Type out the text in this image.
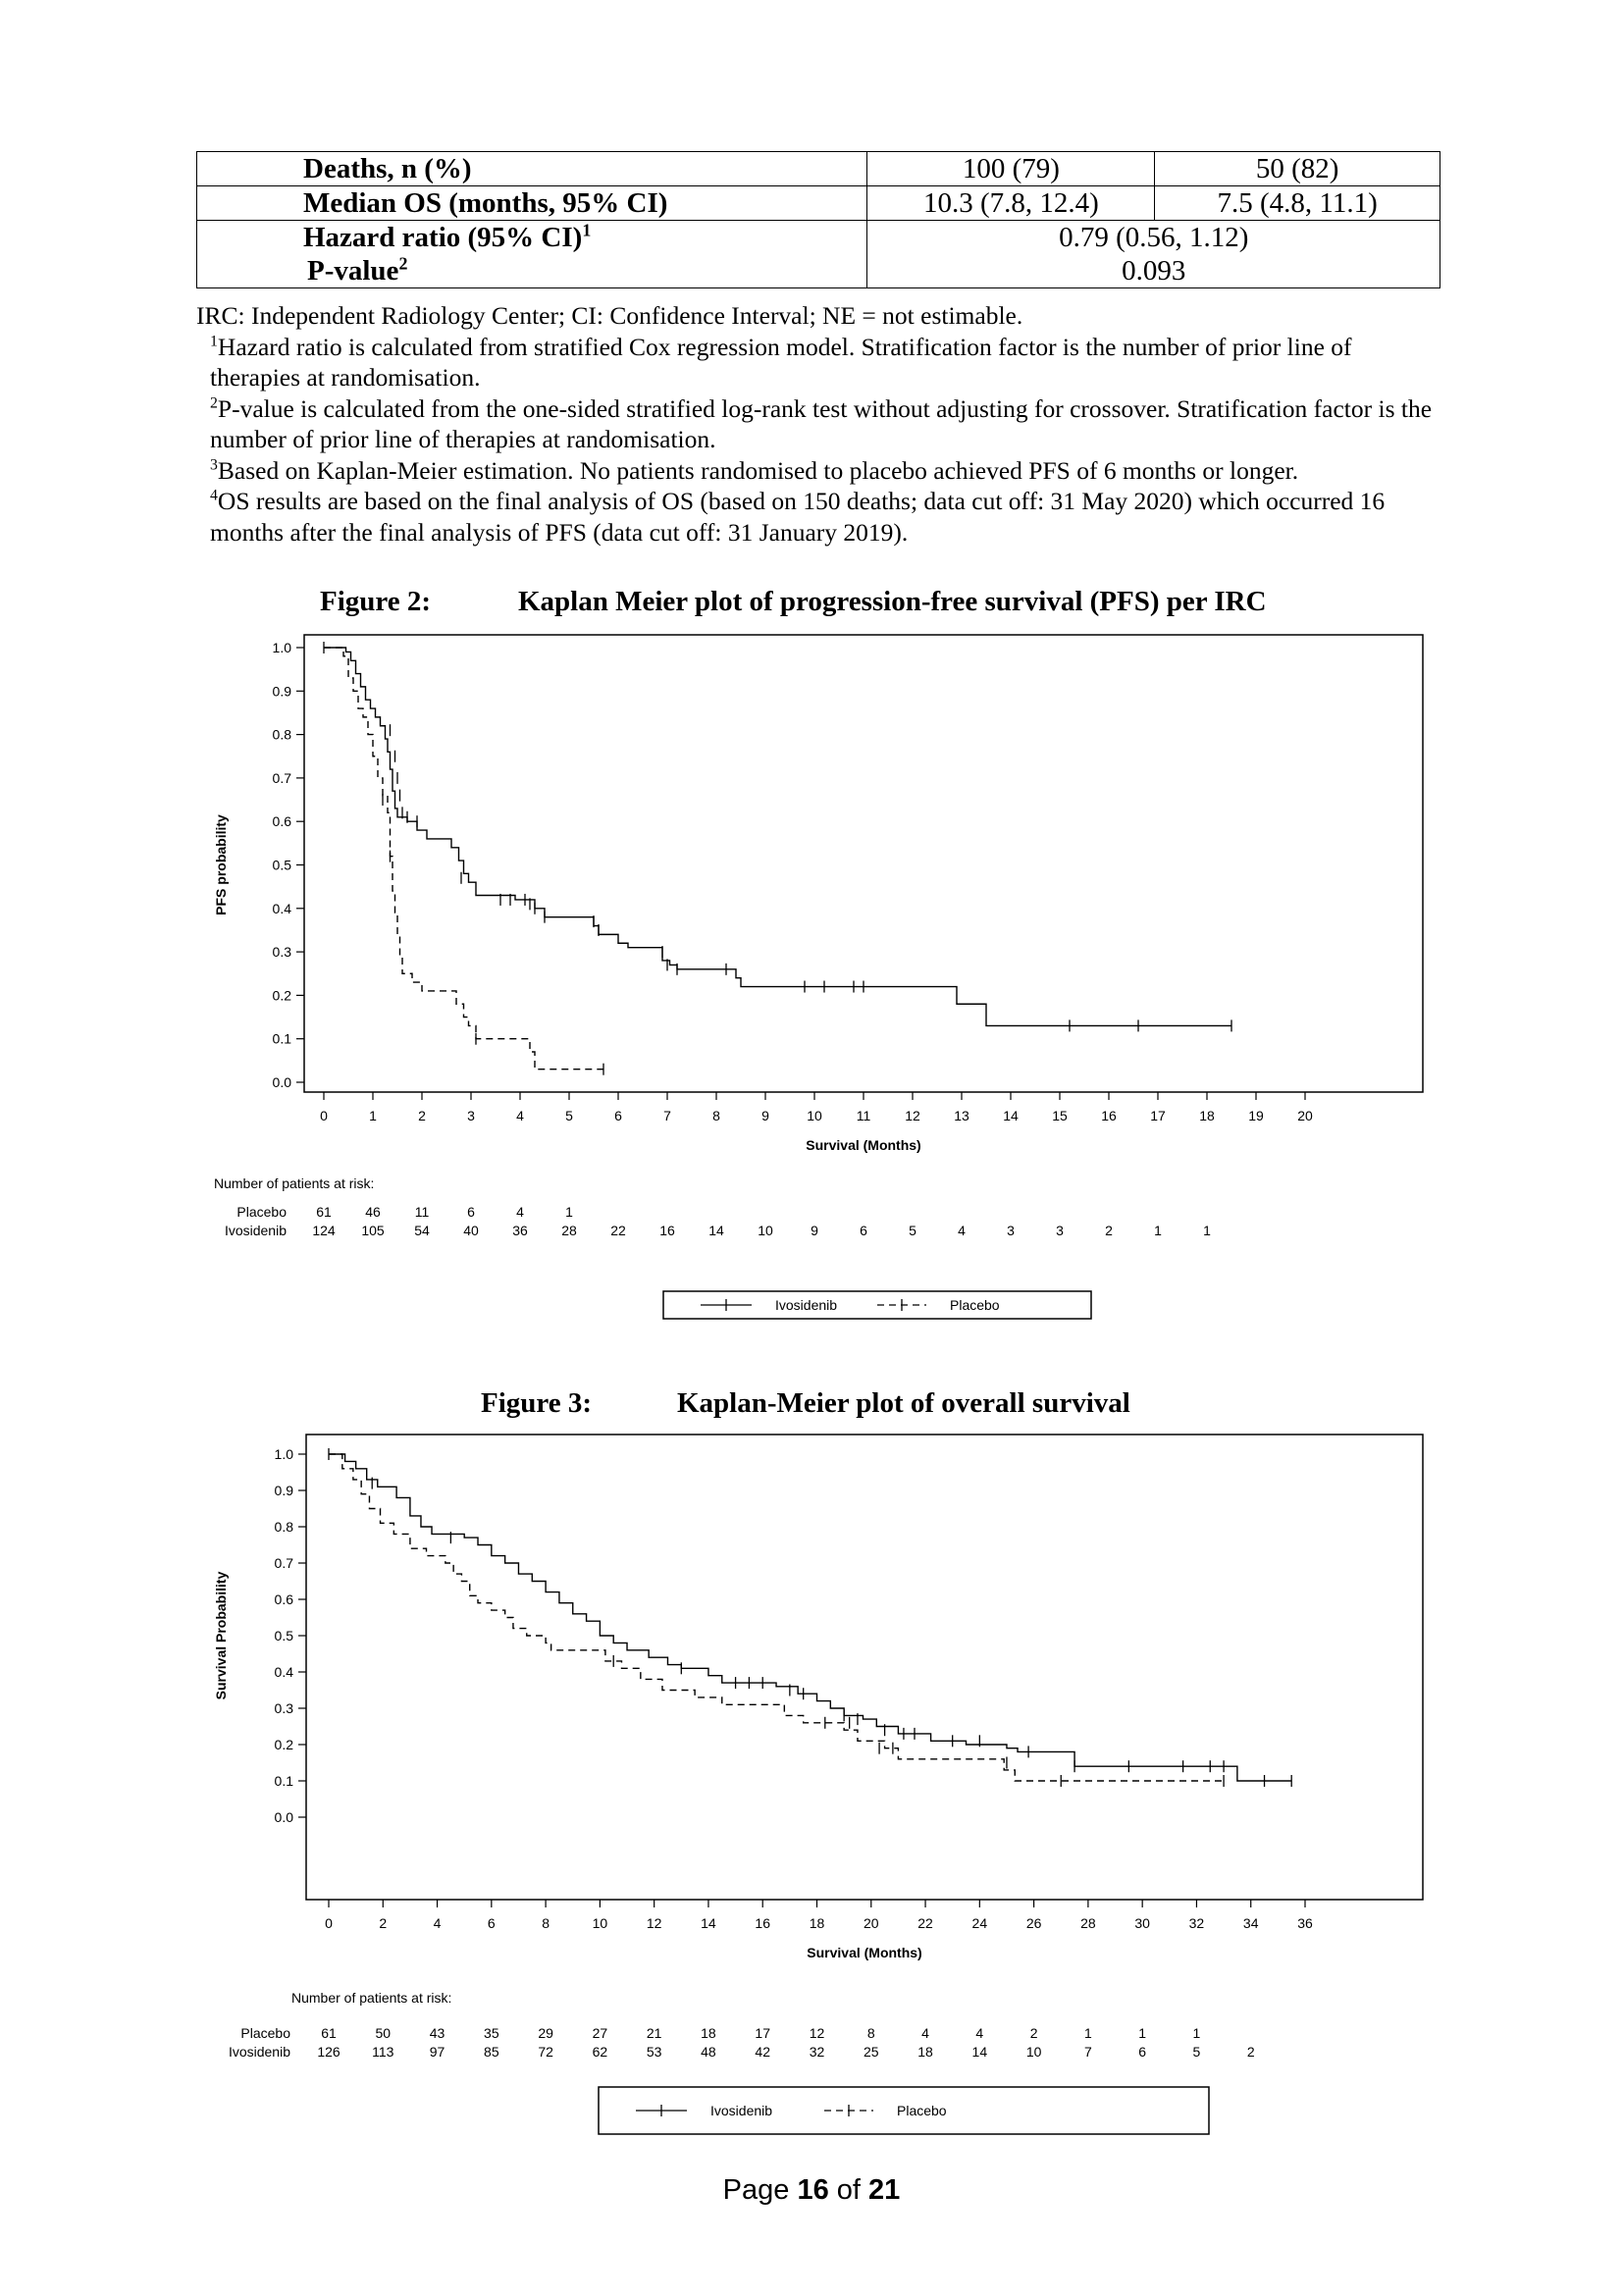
Deaths, n (%)	100 (79)	50 (82)
Median OS (months, 95% CI)	10.3 (7.8, 12.4)	7.5 (4.8, 11.1)
Hazard ratio (95% CI)$^1$	0.79 (0.56, 1.12)	
P-value$^2$	0.093	

IRC: Independent Radiology Center; CI: Confidence Interval; NE = not estimable.

$^1$Hazard ratio is calculated from stratified Cox regression model. Stratification factor is the number of prior line of therapies at randomisation.

$^2$P-value is calculated from the one-sided stratified log-rank test without adjusting for crossover. Stratification factor is the number of prior line of therapies at randomisation.

$^3$Based on Kaplan-Meier estimation. No patients randomised to placebo achieved PFS of 6 months or longer.

$^4$OS results are based on the final analysis of OS (based on 150 deaths; data cut off: 31 May 2020) which occurred 16 months after the final analysis of PFS (data cut off: 31 January 2019).

Figure 2:	Kaplan Meier plot of progression-free survival (PFS) per IRC
0.0
0.1
0.2
0.3
0.4
0.5
0.6
0.7
0.8
0.9
1.0
0	1	2	3	4	5	6	7	8	9	10 11 12 13 14 15 16 17 18 19 20
Survival (Months)
PFS probability
Number of patients at risk:
Placebo 61 46 11	6	4	1
Ivosidenib 124 105 54 40 36 28 22 16 14 10	9	6	5	4	3	3	2	1	1
Ivosidenib	Placebo
Figure 3:	Kaplan-Meier plot of overall survival
0.0
0.1
0.2
0.3
0.4
0.5
0.6
0.7
0.8
0.9
1.0
0	2	4	6	8	10	12	14	16	18	20	22	24	26	28	30	32	34	36
Survival (Months)
Survival Probability
Number of patients at risk:
Placebo 61	50	43	35	29	27	21	18	17	12	8	4	4	2	1	1	1
Ivosidenib 126 113	97	85	72	62	53	48	42	32	25	18	14	10	7	6	5	2
Ivosidenib	Placebo
Page 16 of 21
